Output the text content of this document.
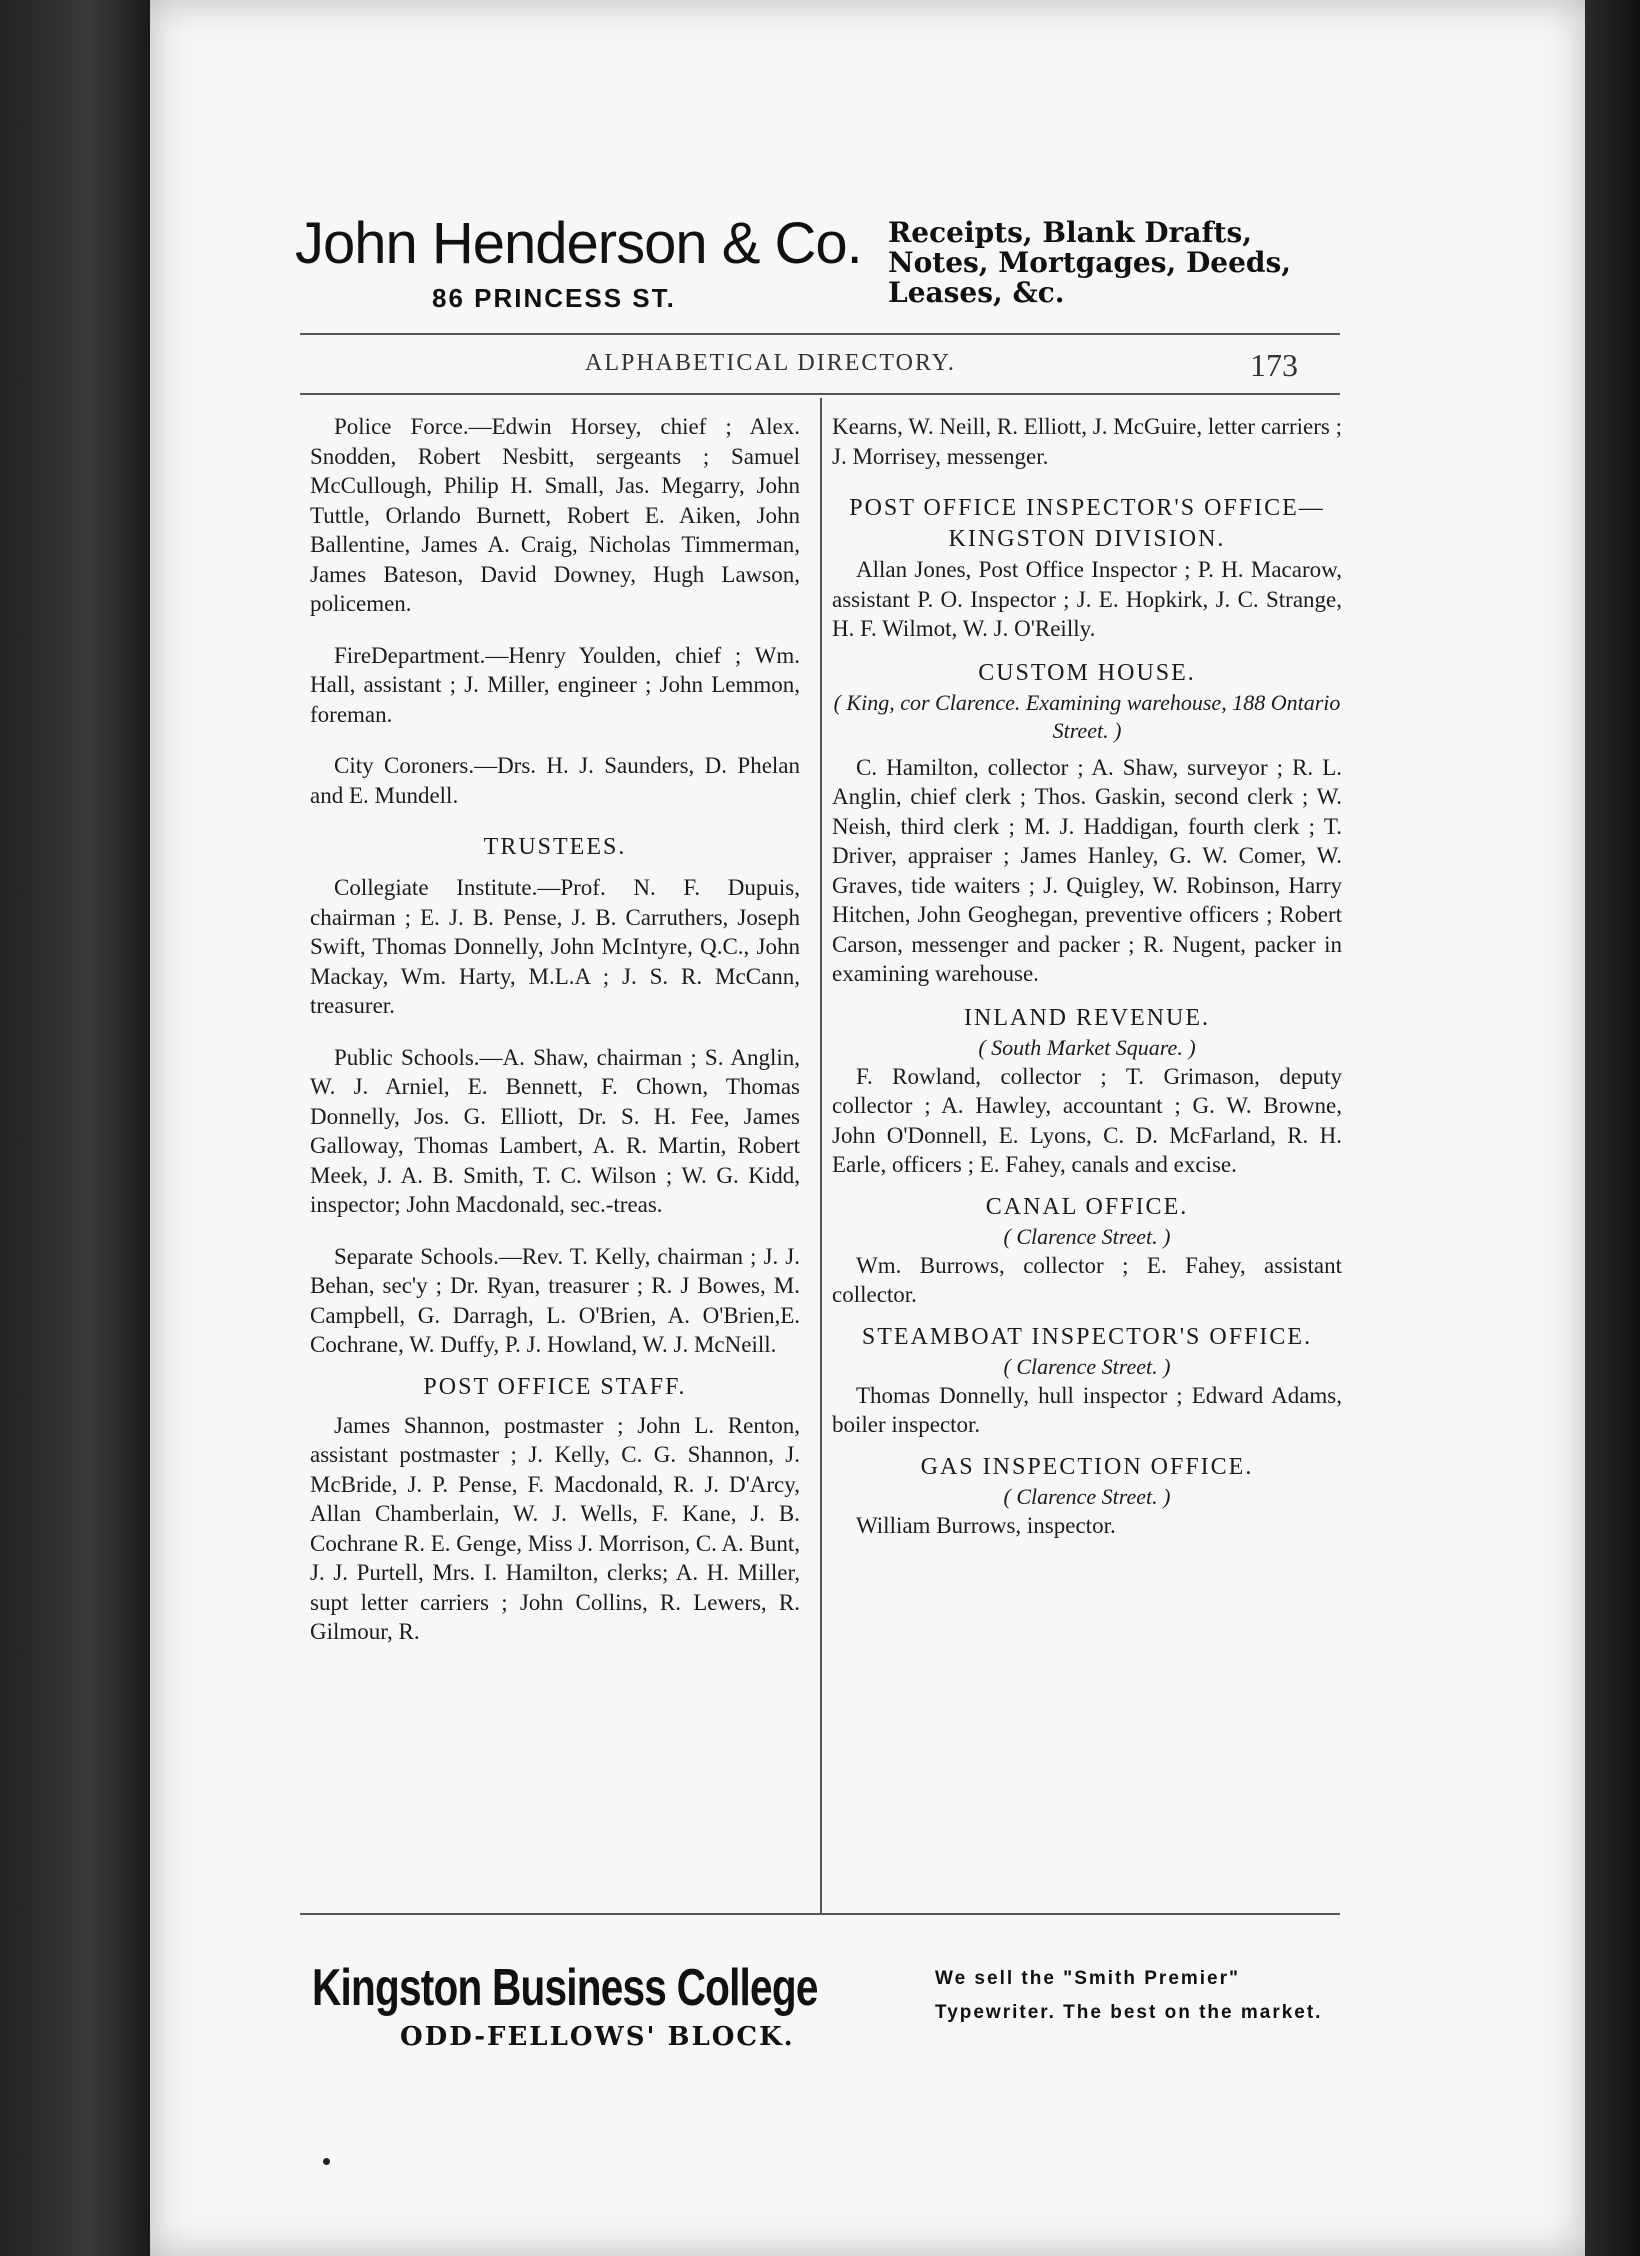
John Henderson & Co.
86 PRINCESS ST.
Receipts, Blank Drafts, Notes, Mortgages, Deeds, Leases, &c.
ALPHABETICAL DIRECTORY.	173

Police Force.—Edwin Horsey, chief ; Alex. Snodden, Robert Nesbitt, sergeants ; Samuel McCullough, Philip H. Small, Jas. Megarry, John Tuttle, Orlando Burnett, Robert E. Aiken, John Ballentine, James A. Craig, Nicholas Timmerman, James Bateson, David Downey, Hugh Lawson, policemen.

FireDepartment.—Henry Youlden, chief ; Wm. Hall, assistant ; J. Miller, engineer ; John Lemmon, foreman.

City Coroners.—Drs. H. J. Saunders, D. Phelan and E. Mundell.

TRUSTEES.

Collegiate Institute.—Prof. N. F. Dupuis, chairman ; E. J. B. Pense, J. B. Carruthers, Joseph Swift, Thomas Donnelly, John McIntyre, Q.C., John Mackay, Wm. Harty, M.L.A ; J. S. R. McCann, treasurer.

Public Schools.—A. Shaw, chairman ; S. Anglin, W. J. Arniel, E. Bennett, F. Chown, Thomas Donnelly, Jos. G. Elliott, Dr. S. H. Fee, James Galloway, Thomas Lambert, A. R. Martin, Robert Meek, J. A. B. Smith, T. C. Wilson ; W. G. Kidd, inspector; John Macdonald, sec.-treas.

Separate Schools.—Rev. T. Kelly, chairman ; J. J. Behan, sec'y ; Dr. Ryan, treasurer ; R. J Bowes, M. Campbell, G. Darragh, L. O'Brien, A. O'Brien,E. Cochrane, W. Duffy, P. J. Howland, W. J. McNeill.

POST OFFICE STAFF.

James Shannon, postmaster ; John L. Renton, assistant postmaster ; J. Kelly, C. G. Shannon, J. McBride, J. P. Pense, F. Macdonald, R. J. D'Arcy, Allan Chamberlain, W. J. Wells, F. Kane, J. B. Cochrane R. E. Genge, Miss J. Morrison, C. A. Bunt, J. J. Purtell, Mrs. I. Hamilton, clerks; A. H. Miller, supt letter carriers ; John Collins, R. Lewers, R. Gilmour, R.

Kearns, W. Neill, R. Elliott, J. McGuire, letter carriers ; J. Morrisey, messenger.

POST OFFICE INSPECTOR'S OFFICE—KINGSTON DIVISION.

Allan Jones, Post Office Inspector ; P. H. Macarow, assistant P. O. Inspector ; J. E. Hopkirk, J. C. Strange, H. F. Wilmot, W. J. O'Reilly.

CUSTOM HOUSE.
( King, cor Clarence. Examining warehouse, 188 Ontario Street. )

C. Hamilton, collector ; A. Shaw, surveyor ; R. L. Anglin, chief clerk ; Thos. Gaskin, second clerk ; W. Neish, third clerk ; M. J. Haddigan, fourth clerk ; T. Driver, appraiser ; James Hanley, G. W. Comer, W. Graves, tide waiters ; J. Quigley, W. Robinson, Harry Hitchen, John Geoghegan, preventive officers ; Robert Carson, messenger and packer ; R. Nugent, packer in examining warehouse.

INLAND REVENUE.
( South Market Square. )

F. Rowland, collector ; T. Grimason, deputy collector ; A. Hawley, accountant ; G. W. Browne, John O'Donnell, E. Lyons, C. D. McFarland, R. H. Earle, officers ; E. Fahey, canals and excise.

CANAL OFFICE.
( Clarence Street. )

Wm. Burrows, collector ; E. Fahey, assistant collector.

STEAMBOAT INSPECTOR'S OFFICE.
( Clarence Street. )

Thomas Donnelly, hull inspector ; Edward Adams, boiler inspector.

GAS INSPECTION OFFICE.
( Clarence Street. )

William Burrows, inspector.

Kingston Business College
ODD-FELLOWS' BLOCK.
We sell the "Smith Premier" Typewriter. The best on the market.
